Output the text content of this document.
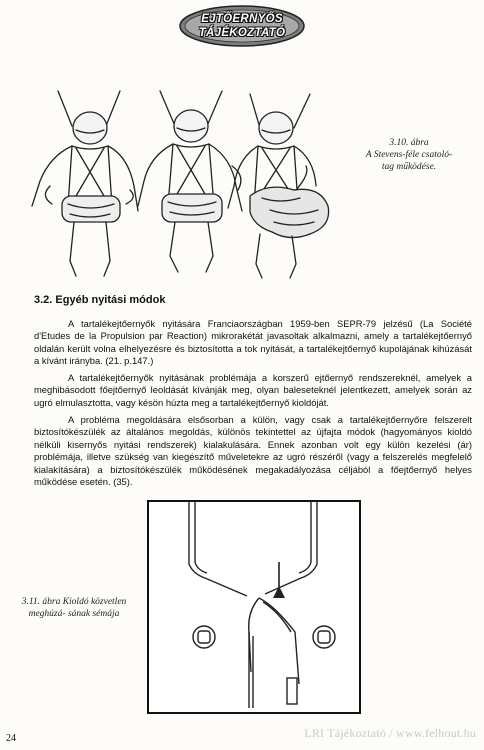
EJTŐERNYŐS
TÁJÉKOZTATÓ
3.10. ábra
A Stevens-féle csatoló-
tag működése.
3.2. Egyéb nyitási módok

A tartalékejtőernyők nyitására Franciaországban 1959-ben SEPR-79 jelzésű (La Société d'Etudes de la Propulsion par Reaction) mikrorakétát javasoltak alkalmazni, amely a tartalékejtőernyő oldalán került volna elhelyezésre és biztosította a tok nyitását, a tartalékejtőernyő kupolájának kihúzását a kívánt irányba. (21. p.147.)

A tartalékejtőernyők nyitásának problémája a korszerű ejtőernyő rendszereknél, amelyek a meghibásodott főejtőernyő leoldását kívánják meg, olyan baleseteknél jelentkezett, amelyek során az ugró elmulasztotta, vagy késön húzta meg a tartalékejtőernyő kioldóját.

A probléma megoldására elsősorban a külön, vagy csak a tartalékejtőernyőre felszerelt biztosítókészülék az általános megoldás, különös tekintettel az újfajta módok (hagyományos kioldó nélküli kisernyős nyitási rendszerek) kialakulására. Ennek azonban volt egy külön kezelési (ár) problémája, illetve szükség van kiegészítő műveletekre az ugró részéről (vagy a felszerelés megfelelő kialakítására) a biztosítókészülék működésének megakadályozása céljából a főejtőernyő helyes működése esetén. (35).

3.11. ábra Kioldó közvetlen meghúzá- sának sémája
24	LRI Tájékoztató / www.felhout.hu
